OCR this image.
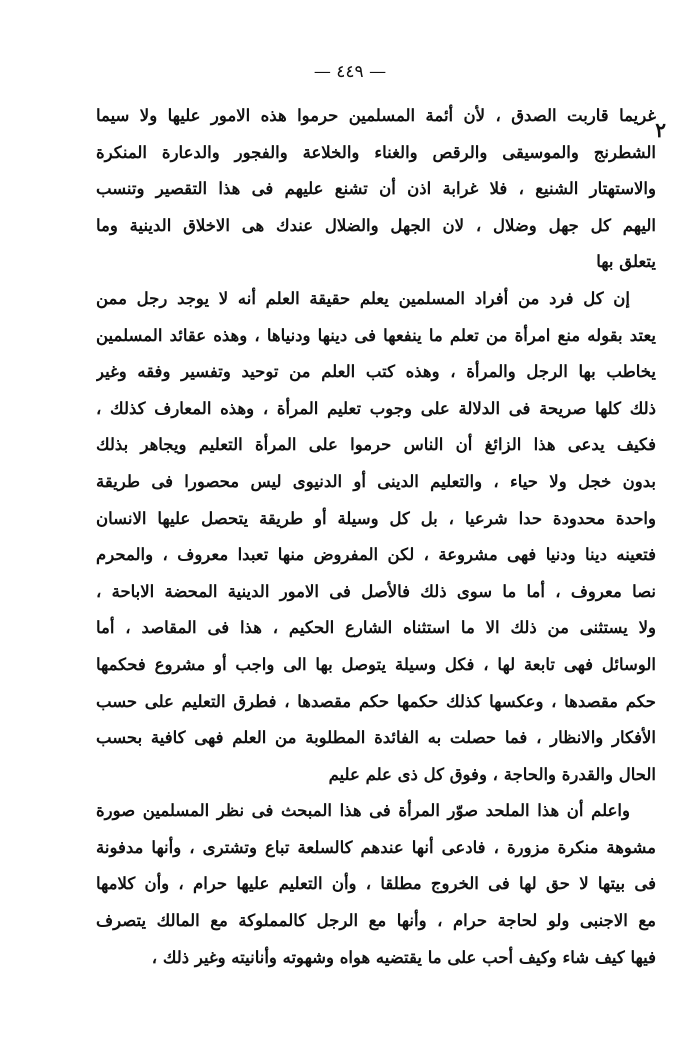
— ٤٤٩ —
٢
غريما قاربت الصدق ، لأن أئمة المسلمين حرموا هذه الامور عليها ولا سيما
الشطرنج والموسيقى والرقص والغناء والخلاعة والفجور والدعارة المنكرة
والاستهتار الشنيع ، فلا غرابة اذن أن تشنع عليهم فى هذا التقصير وتنسب
اليهم كل جهل وضلال ، لان الجهل والضلال عندك هى الاخلاق الدينية وما
يتعلق بها
إن كل فرد من أفراد المسلمين يعلم حقيقة العلم أنه لا يوجد رجل ممن
يعتد بقوله منع امرأة من تعلم ما ينفعها فى دينها ودنياها ، وهذه عقائد المسلمين
يخاطب بها الرجل والمرأة ، وهذه كتب العلم من توحيد وتفسير وفقه وغير
ذلك كلها صريحة فى الدلالة على وجوب تعليم المرأة ، وهذه المعارف كذلك ،
فكيف يدعى هذا الزائغ أن الناس حرموا على المرأة التعليم ويجاهر بذلك
بدون خجل ولا حياء ، والتعليم الدينى أو الدنيوى ليس محصورا فى طريقة
واحدة محدودة حدا شرعيا ، بل كل وسيلة أو طريقة يتحصل عليها الانسان
فتعينه دينا ودنيا فهى مشروعة ، لكن المفروض منها تعبدا معروف ، والمحرم
نصا معروف ، أما ما سوى ذلك فالأصل فى الامور الدينية المحضة الاباحة ،
ولا يستثنى من ذلك الا ما استثناه الشارع الحكيم ، هذا فى المقاصد ، أما
الوسائل فهى تابعة لها ، فكل وسيلة يتوصل بها الى واجب أو مشروع فحكمها
حكم مقصدها ، وعكسها كذلك حكمها حكم مقصدها ، فطرق التعليم على حسب
الأفكار والانظار ، فما حصلت به الفائدة المطلوبة من العلم فهى كافية بحسب
الحال والقدرة والحاجة ، وفوق كل ذى علم عليم
واعلم أن هذا الملحد صوّر المرأة فى هذا المبحث فى نظر المسلمين صورة
مشوهة منكرة مزورة ، فادعى أنها عندهم كالسلعة تباع وتشترى ، وأنها مدفونة
فى بيتها لا حق لها فى الخروج مطلقا ، وأن التعليم عليها حرام ، وأن كلامها
مع الاجنبى ولو لحاجة حرام ، وأنها مع الرجل كالمملوكة مع المالك يتصرف
فيها كيف شاء وكيف أحب على ما يقتضيه هواه وشهوته وأنانيته وغير ذلك ،
